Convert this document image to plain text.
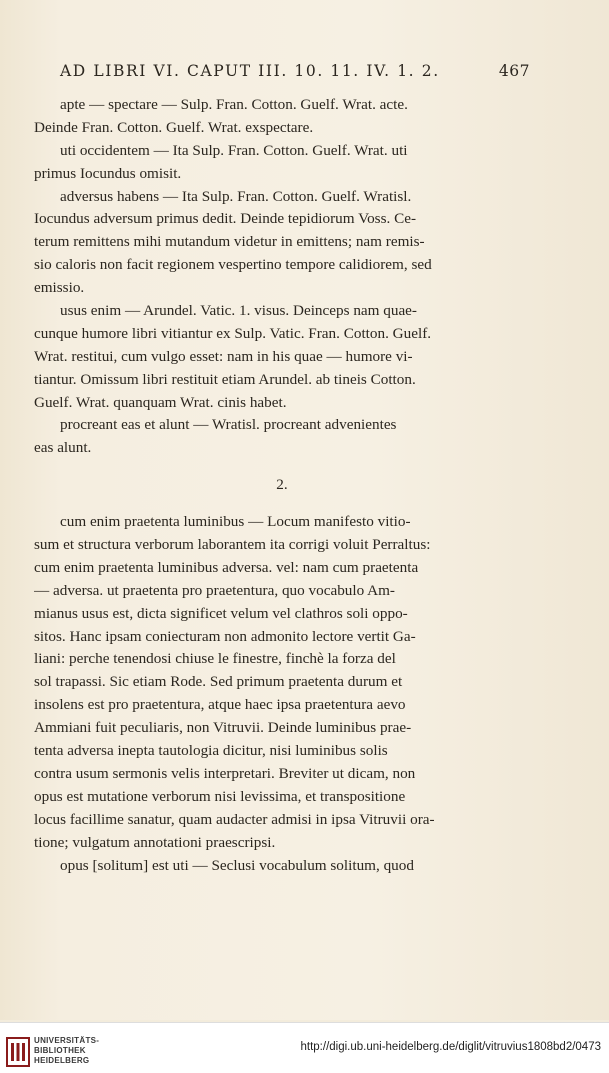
AD LIBRI VI. CAPUT III. 10. 11. IV. 1. 2.	467
apte — spectare — Sulp. Fran. Cotton. Guelf. Wrat. acte.
Deinde Fran. Cotton. Guelf. Wrat. exspectare.
uti occidentem — Ita Sulp. Fran. Cotton. Guelf. Wrat. uti
primus Iocundus omisit.
adversus habens — Ita Sulp. Fran. Cotton. Guelf. Wratisl.
Iocundus adversum primus dedit. Deinde tepidiorum Voss. Ce-
terum remittens mihi mutandum videtur in emittens; nam remis-
sio caloris non facit regionem vespertino tempore calidiorem, sed
emissio.
usus enim — Arundel. Vatic. 1. visus. Deinceps nam quae-
cunque humore libri vitiantur ex Sulp. Vatic. Fran. Cotton. Guelf.
Wrat. restitui, cum vulgo esset: nam in his quae — humore vi-
tiantur. Omissum libri restituit etiam Arundel. ab tineis Cotton.
Guelf. Wrat. quanquam Wrat. cinis habet.
procreant eas et alunt — Wratisl. procreant advenientes
eas alunt.
2.
cum enim praetenta luminibus — Locum manifesto vitio-
sum et structura verborum laborantem ita corrigi voluit Perraltus:
cum enim praetenta luminibus adversa. vel: nam cum praetenta
— adversa. ut praetenta pro praetentura, quo vocabulo Am-
mianus usus est, dicta significet velum vel clathros soli oppo-
sitos. Hanc ipsam coniecturam non admonito lectore vertit Ga-
liani: perche tenendosi chiuse le finestre, finchè la forza del
sol trapassi. Sic etiam Rode. Sed primum praetenta durum et
insolens est pro praetentura, atque haec ipsa praetentura aevo
Ammiani fuit peculiaris, non Vitruvii. Deinde luminibus prae-
tenta adversa inepta tautologia dicitur, nisi luminibus solis
contra usum sermonis velis interpretari. Breviter ut dicam, non
opus est mutatione verborum nisi levissima, et transpositione
locus facillime sanatur, quam audacter admisi in ipsa Vitruvii ora-
tione; vulgatum annotationi praescripsi.
opus [solitum] est uti — Seclusi vocabulum solitum, quod
UNIVERSITÄTS-
BIBLIOTHEK
HEIDELBERG
http://digi.ub.uni-heidelberg.de/diglit/vitruvius1808bd2/0473
